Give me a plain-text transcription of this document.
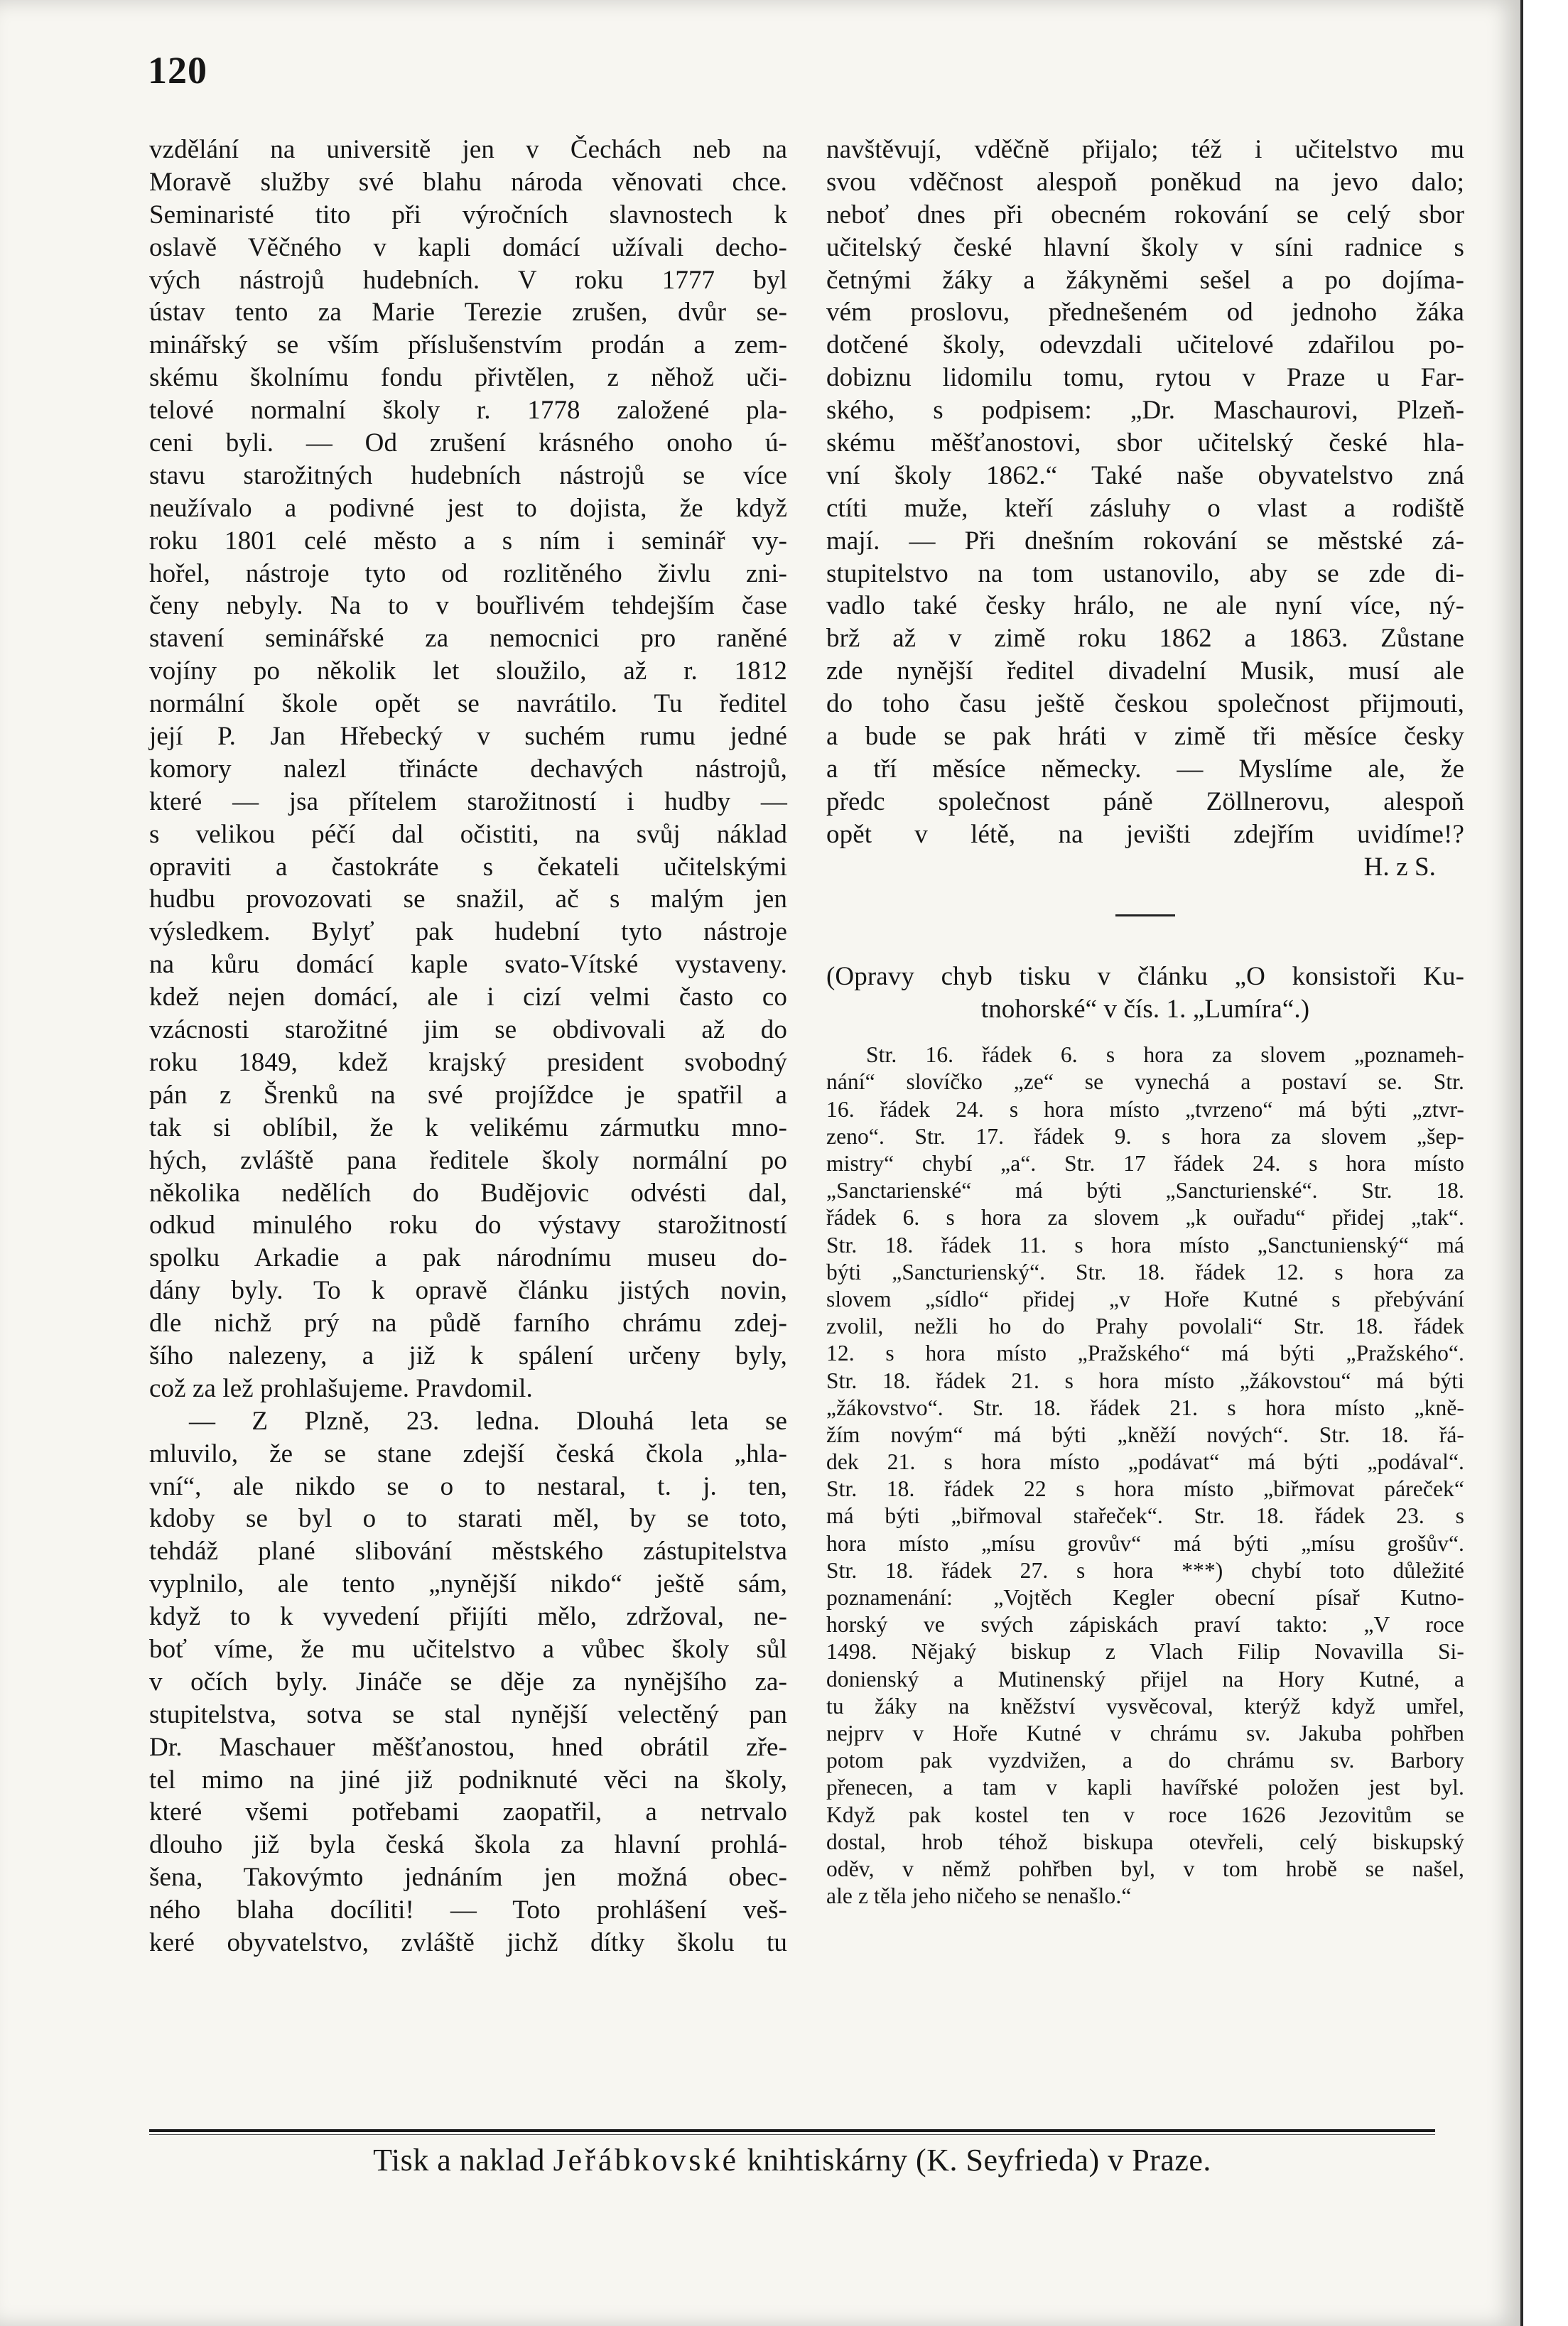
120
vzdělání na universitě jen v Čechách neb na
Moravě služby své blahu národa věnovati chce.
Seminaristé tito při výročních slavnostech k
oslavě Věčného v kapli domácí užívali decho-
vých nástrojů hudebních. V roku 1777 byl
ústav tento za Marie Terezie zrušen, dvůr se-
minářský se vším příslušenstvím prodán a zem-
skému školnímu fondu přivtělen, z něhož uči-
telové normalní školy r. 1778 založené pla-
ceni byli. — Od zrušení krásného onoho ú-
stavu starožitných hudebních nástrojů se více
neužívalo a podivné jest to dojista, že když
roku 1801 celé město a s ním i seminář vy-
hořel, nástroje tyto od rozlitěného živlu zni-
čeny nebyly. Na to v bouřlivém tehdejším čase
stavení seminářské za nemocnici pro raněné
vojíny po několik let sloužilo, až r. 1812
normální škole opět se navrátilo. Tu ředitel
její P. Jan Hřebecký v suchém rumu jedné
komory nalezl třinácte dechavých nástrojů,
které — jsa přítelem starožitností i hudby —
s velikou péčí dal očistiti, na svůj náklad
opraviti a častokráte s čekateli učitelskými
hudbu provozovati se snažil, ač s malým jen
výsledkem. Bylyť pak hudební tyto nástroje
na kůru domácí kaple svato-Vítské vystaveny.
kdež nejen domácí, ale i cizí velmi často co
vzácnosti starožitné jim se obdivovali až do
roku 1849, kdež krajský president svobodný
pán z Šrenků na své projíždce je spatřil a
tak si oblíbil, že k velikému zármutku mno-
hých, zvláště pana ředitele školy normální po
několika nedělích do Budějovic odvésti dal,
odkud minulého roku do výstavy starožitností
spolku Arkadie a pak národnímu museu do-
dány byly. To k opravě článku jistých novin,
dle nichž prý na půdě farního chrámu zdej-
šího nalezeny, a již k spálení určeny byly,
což za lež prohlašujeme. Pravdomil.
— Z Plzně, 23. ledna. Dlouhá leta se
mluvilo, že se stane zdejší česká čkola „hla-
vní“, ale nikdo se o to nestaral, t. j. ten,
kdoby se byl o to starati měl, by se toto,
tehdáž plané slibování městského zástupitelstva
vyplnilo, ale tento „nynější nikdo“ ještě sám,
když to k vyvedení přijíti mělo, zdržoval, ne-
boť víme, že mu učitelstvo a vůbec školy sůl
v očích byly. Jináče se děje za nynějšího za-
stupitelstva, sotva se stal nynější velectěný pan
Dr. Maschauer měšťanostou, hned obrátil zře-
tel mimo na jiné již podniknuté věci na školy,
které všemi potřebami zaopatřil, a netrvalo
dlouho již byla česká škola za hlavní prohlá-
šena, Takovýmto jednáním jen možná obec-
ného blaha docíliti! — Toto prohlášení veš-
keré obyvatelstvo, zvláště jichž dítky školu tu
navštěvují, vděčně přijalo; též i učitelstvo mu
svou vděčnost alespoň poněkud na jevo dalo;
neboť dnes při obecném rokování se celý sbor
učitelský české hlavní školy v síni radnice s
četnými žáky a žákyněmi sešel a po dojíma-
vém proslovu, přednešeném od jednoho žáka
dotčené školy, odevzdali učitelové zdařilou po-
dobiznu lidomilu tomu, rytou v Praze u Far-
ského, s podpisem: „Dr. Maschaurovi, Plzeň-
skému měšťanostovi, sbor učitelský české hla-
vní školy 1862.“ Také naše obyvatelstvo zná
ctíti muže, kteří zásluhy o vlast a rodiště
mají. — Při dnešním rokování se městské zá-
stupitelstvo na tom ustanovilo, aby se zde di-
vadlo také česky hrálo, ne ale nyní více, ný-
brž až v zimě roku 1862 a 1863. Zůstane
zde nynější ředitel divadelní Musik, musí ale
do toho času ještě českou společnost přijmouti,
a bude se pak hráti v zimě tři měsíce česky
a tří měsíce německy. — Myslíme ale, že
předc společnost páně Zöllnerovu, alespoň
opět v létě, na jevišti zdejřím uvidíme!?
H. z S.
(Opravy chyb tisku v článku „O konsistoři Ku-
tnohorské“ v čís. 1. „Lumíra“.)
Str. 16. řádek 6. s hora za slovem „poznameh-
nání“ slovíčko „ze“ se vynechá a postaví se. Str.
16. řádek 24. s hora místo „tvrzeno“ má býti „ztvr-
zeno“. Str. 17. řádek 9. s hora za slovem „šep-
mistry“ chybí „a“. Str. 17 řádek 24. s hora místo
„Sanctarienské“ má býti „Sancturienské“. Str. 18.
řádek 6. s hora za slovem „k ouřadu“ přidej „tak“.
Str. 18. řádek 11. s hora místo „Sanctunienský“ má
býti „Sancturienský“. Str. 18. řádek 12. s hora za
slovem „sídlo“ přidej „v Hoře Kutné s přebývání
zvolil, nežli ho do Prahy povolali“ Str. 18. řádek
12. s hora místo „Pražského“ má býti „Pražského“.
Str. 18. řádek 21. s hora místo „žákovstou“ má býti
„žákovstvo“. Str. 18. řádek 21. s hora místo „kně-
žím novým“ má býti „kněží nových“. Str. 18. řá-
dek 21. s hora místo „podávat“ má býti „podával“.
Str. 18. řádek 22 s hora místo „biřmovat páreček“
má býti „biřmoval stařeček“. Str. 18. řádek 23. s
hora místo „mísu grovův“ má býti „mísu grošův“.
Str. 18. řádek 27. s hora ***) chybí toto důležité
poznamenání: „Vojtěch Kegler obecní písař Kutno-
horský ve svých zápiskách praví takto: „V roce
1498. Nějaký biskup z Vlach Filip Novavilla Si-
donienský a Mutinenský přijel na Hory Kutné, a
tu žáky na kněžství vysvěcoval, kterýž když umřel,
nejprv v Hoře Kutné v chrámu sv. Jakuba pohřben
potom pak vyzdvižen, a do chrámu sv. Barbory
přeneсen, a tam v kapli havířské položen jest byl.
Když pak kostel ten v roce 1626 Jezovitům se
dostal, hrob téhož biskupa otevřeli, celý biskupský
oděv, v němž pohřben byl, v tom hrobě se našel,
ale z těla jeho ničeho se nenašlo.“
Tisk a naklad Jeřábkovské knihtiskárny (K. Seyfrieda) v Praze.
